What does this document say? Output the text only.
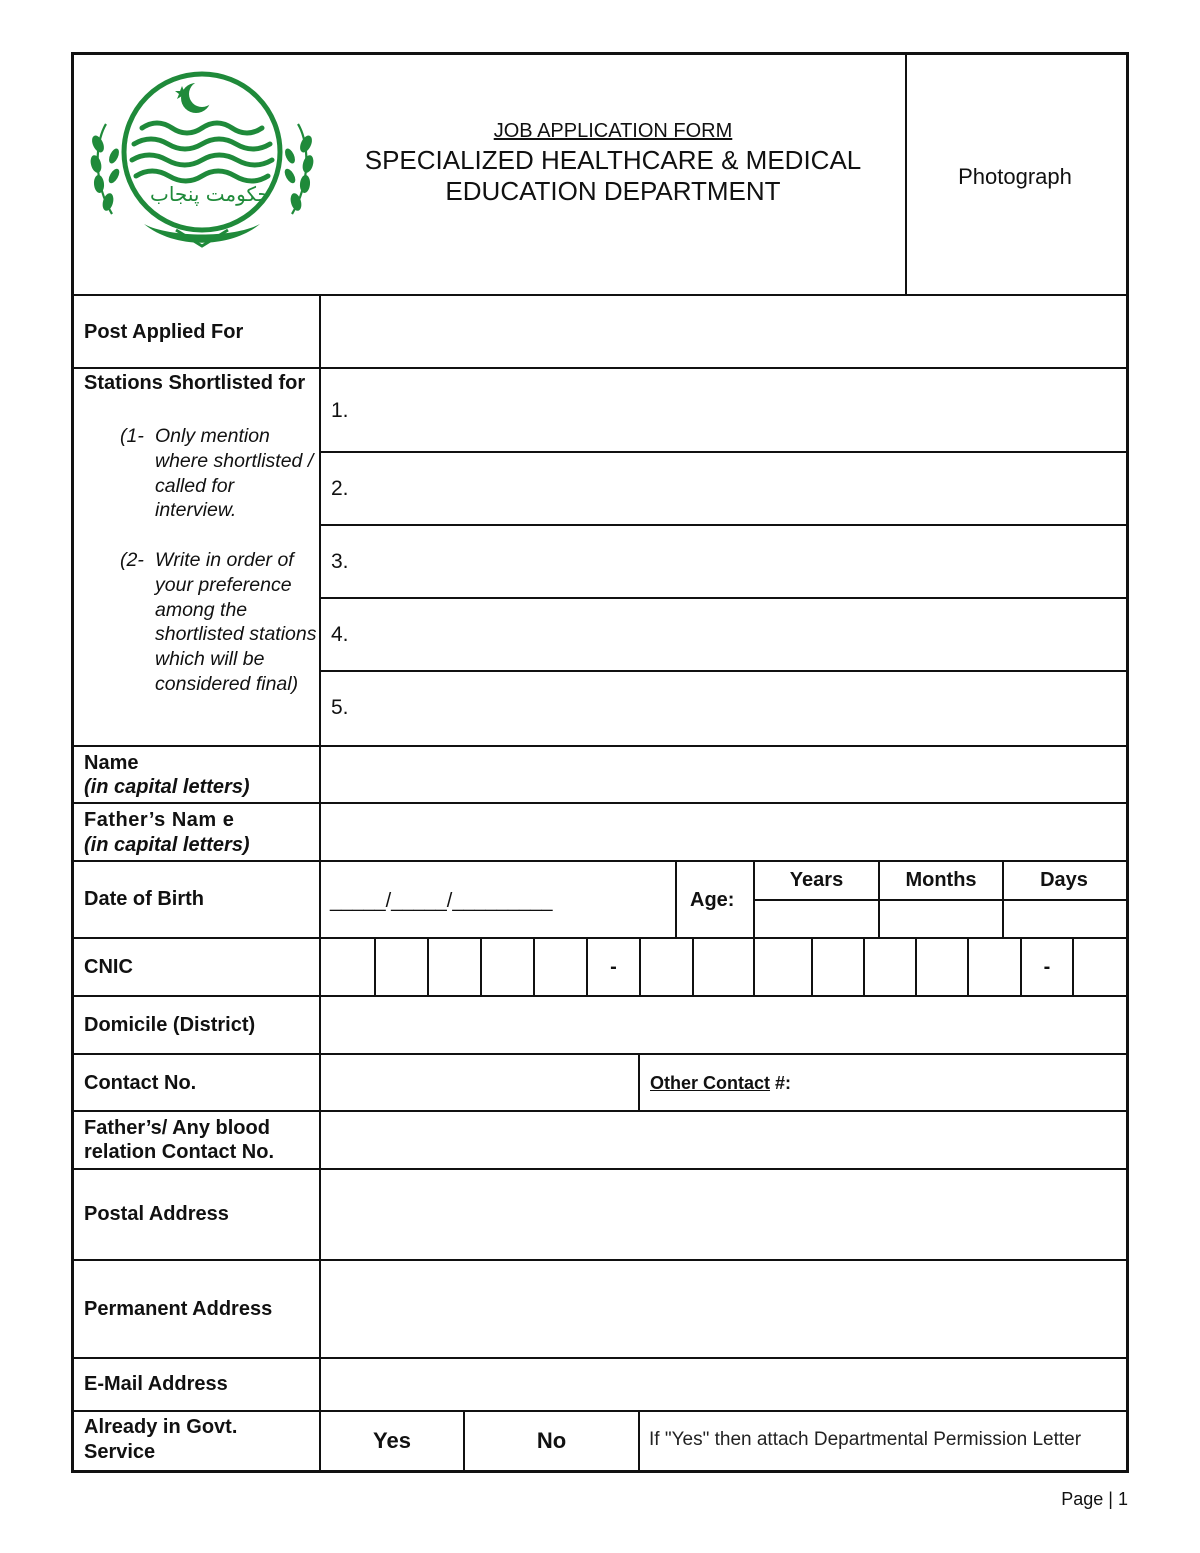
حکومت پنجاب
JOB APPLICATION FORM
SPECIALIZED HEALTHCARE & MEDICAL
EDUCATION DEPARTMENT	Photograph
Post Applied For
Stations Shortlisted for
(1- Only mention where shortlisted / called for interview.
(2- Write in order of your preference among the shortlisted stations which will be considered final)
1.
2.
3.
4.
5.
Name
(in capital letters)
Father’s Nam e
(in capital letters)
Date of Birth	_____/_____/_________	Age:
Years	Months	Days
CNIC	-	-
Domicile (District)
Contact No.	Other Contact #:
Father’s/ Any blood
relation Contact No.
Postal Address
Permanent Address
E-Mail Address
Already in Govt.
Service	Yes	No	If "Yes" then attach Departmental Permission Letter
Page | 1
